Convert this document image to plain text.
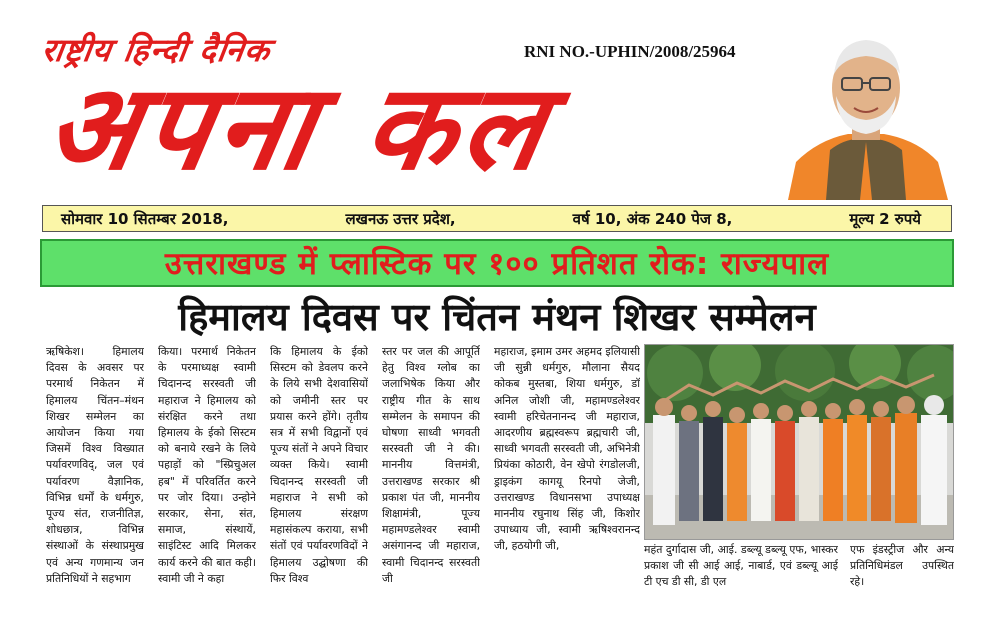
राष्ट्रीय हिन्दी दैनिक	RNI NO.-UPHIN/2008/25964
अपना कल
सोमवार 10 सितम्बर 2018,	लखनऊ उत्तर प्रदेश,	वर्ष 10, अंक 240 पेज 8,	मूल्य 2 रुपये
उत्तराखण्ड में प्लास्टिक पर १०० प्रतिशत रोक: राज्यपाल
हिमालय दिवस पर चिंतन मंथन शिखर सम्मेलन
ऋषिकेश। हिमालय दिवस के अवसर पर परमार्थ निकेतन में हिमालय चिंतन–मंथन शिखर सम्मेलन का आयोजन किया गया जिसमें विश्व विख्यात पर्यावरणविद्, जल एवं पर्यावरण वैज्ञानिक, विभिन्न धर्मों के धर्मगुरु, पूज्य संत, राजनीतिज्ञ, शोधछात्र, विभिन्न संस्थाओं के संस्थाप्रमुख एवं अन्य गणमान्य जन प्रतिनिधियों ने सहभाग
किया। परमार्थ निकेतन के परमाध्यक्ष स्वामी चिदानन्द सरस्वती जी महाराज ने हिमालय को संरक्षित करने तथा हिमालय के ईको सिस्टम को बनाये रखने के लिये पहाड़ों को "स्प्रिचुअल हब" में परिवर्तित करने पर जोर दिया। उन्होने सरकार, सेना, संत, समाज, संस्थायें, साइंटिस्ट आदि मिलकर कार्य करने की बात कही। स्वामी जी ने कहा
कि हिमालय के ईको सिस्टम को डेवलप करने के लिये सभी देशवासियों को जमीनी स्तर पर प्रयास करने होंगे। तृतीय सत्र में सभी विद्वानों एवं पूज्य संतों ने अपने विचार व्यक्त किये। स्वामी चिदानन्द सरस्वती जी महाराज ने सभी को हिमालय संरक्षण महासंकल्प कराया, सभी संतों एवं पर्यावरणविदों ने हिमालय उद्घोषणा की फिर विश्व
स्तर पर जल की आपूर्ति हेतु विश्व ग्लोब का जलाभिषेक किया और राष्ट्रीय गीत के साथ सम्मेलन के समापन की घोषणा साध्वी भगवती सरस्वती जी ने की। माननीय वित्तमंत्री, उत्तराखण्ड सरकार श्री प्रकाश पंत जी, माननीय शिक्षामंत्री, पूज्य महामण्डलेश्वर स्वामी असंगानन्द जी महाराज, स्वामी चिदानन्द सरस्वती जी
महाराज, इमाम उमर अहमद इलियासी जी सुन्नी धर्मगुरु, मौलाना सैयद कोकब मुस्तबा, शिया धर्मगुरु, डॉ अनिल जोशी जी, महामण्डलेश्वर स्वामी हरिचेतनानन्द जी महाराज, आदरणीय ब्रह्मस्वरूप ब्रह्मचारी जी, साध्वी भगवती सरस्वती जी, अभिनेत्री प्रियंका कोठारी, वेन खेपो रंगडोलजी, ड्राइकंग कागयू रिनपो जेजी, उत्तराखण्ड विधानसभा उपाध्यक्ष माननीय रघुनाथ सिंह जी, किशोर उपाध्याय जी, स्वामी ऋषिश्वरानन्द जी, हठयोगी जी,	महंत दुर्गादास जी, आई. डब्ल्यू डब्ल्यू एफ, भास्कर प्रकाश जी सी आई आई, नाबार्ड, एवं डब्ल्यू आई टी एच डी सी, डी एल
एफ इंडस्ट्रीज और अन्य प्रतिनिधिमंडल उपस्थित रहे।
